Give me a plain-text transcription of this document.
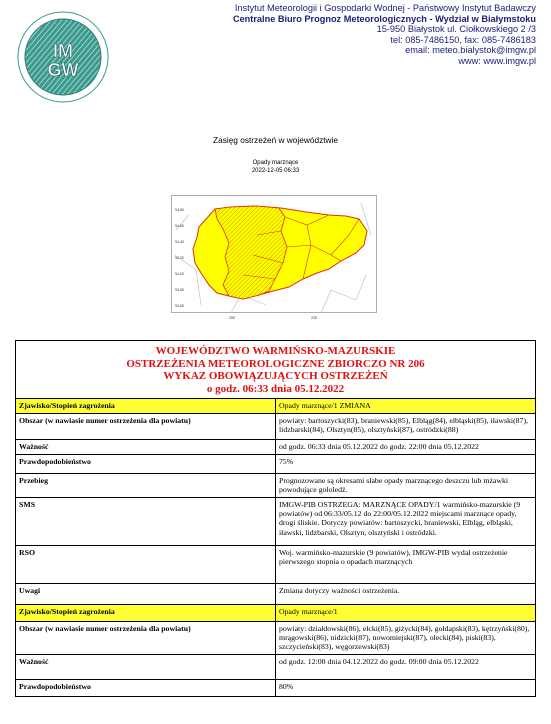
IM
GW
Instytut Meteorologii i Gospodarki Wodnej - Państwowy Instytut Badawczy
Centralne Biuro Prognoz Meteorologicznych - Wydział w Białymstoku
15-950 Białystok ul. Ciołkowskiego 2 /3
tel: 085-7486150, fax: 085-7486183
email: meteo.bialystok@imgw.pl
www: www.imgw.pl
Zasięg ostrzeżeń w województwie
Opady marznące
2022-12-05 06:33
54.80
54.60
54.40
54.20
54.00
53.80
53.60
20E	22E
WOJEWÓDZTWO WARMIŃSKO-MAZURSKIE
OSTRZEŻENIA METEOROLOGICZNE ZBIORCZO NR 206
WYKAZ OBOWIĄZUJĄCYCH OSTRZEŻEŃ
o godz. 06:33 dnia 05.12.2022	

Zjawisko/Stopień zagrożenia	Opady marznące/1 ZMIANA
Obszar (w nawiasie numer ostrzeżenia dla powiatu)	powiaty: bartoszycki(83), braniewski(85), Elbląg(84), elbląski(85), iławski(87), lidzbarski(84), Olsztyn(85), olsztyński(87), ostródzki(88)
Ważność	od godz. 06:33 dnia 05.12.2022 do godz. 22:00 dnia 05.12.2022
Prawdopodobieństwo	75%
Przebieg	Prognozowane są okresami słabe opady marznącego deszczu lub mżawki powodujące gołoledź.
SMS	IMGW-PIB OSTRZEGA: MARZNĄCE OPADY/1 warmińsko-mazurskie (9 powiatów) od 06:33/05.12 do 22:00/05.12.2022 miejscami marznące opady, drogi śliskie. Dotyczy powiatów: bartoszycki, braniewski, Elbląg, elbląski, iławski, lidzbarski, Olsztyn, olsztyński i ostródzki.
RSO	Woj. warmińsko-mazurskie (9 powiatów), IMGW-PIB wydał ostrzeżenie pierwszego stopnia o opadach marznących
Uwagi	Zmiana dotyczy ważności ostrzeżenia.
Zjawisko/Stopień zagrożenia	Opady marznące/1
Obszar (w nawiasie numer ostrzeżenia dla powiatu)	powiaty: działdowski(86), ełcki(85), giżycki(84), gołdapski(83), kętrzyński(80), mrągowski(86), nidzicki(87), nowomiejski(87), olecki(84), piski(83), szczycieński(83), węgorzewski(83)
Ważność	od godz. 12:00 dnia 04.12.2022 do godz. 09:00 dnia 05.12.2022
Prawdopodobieństwo	80%
